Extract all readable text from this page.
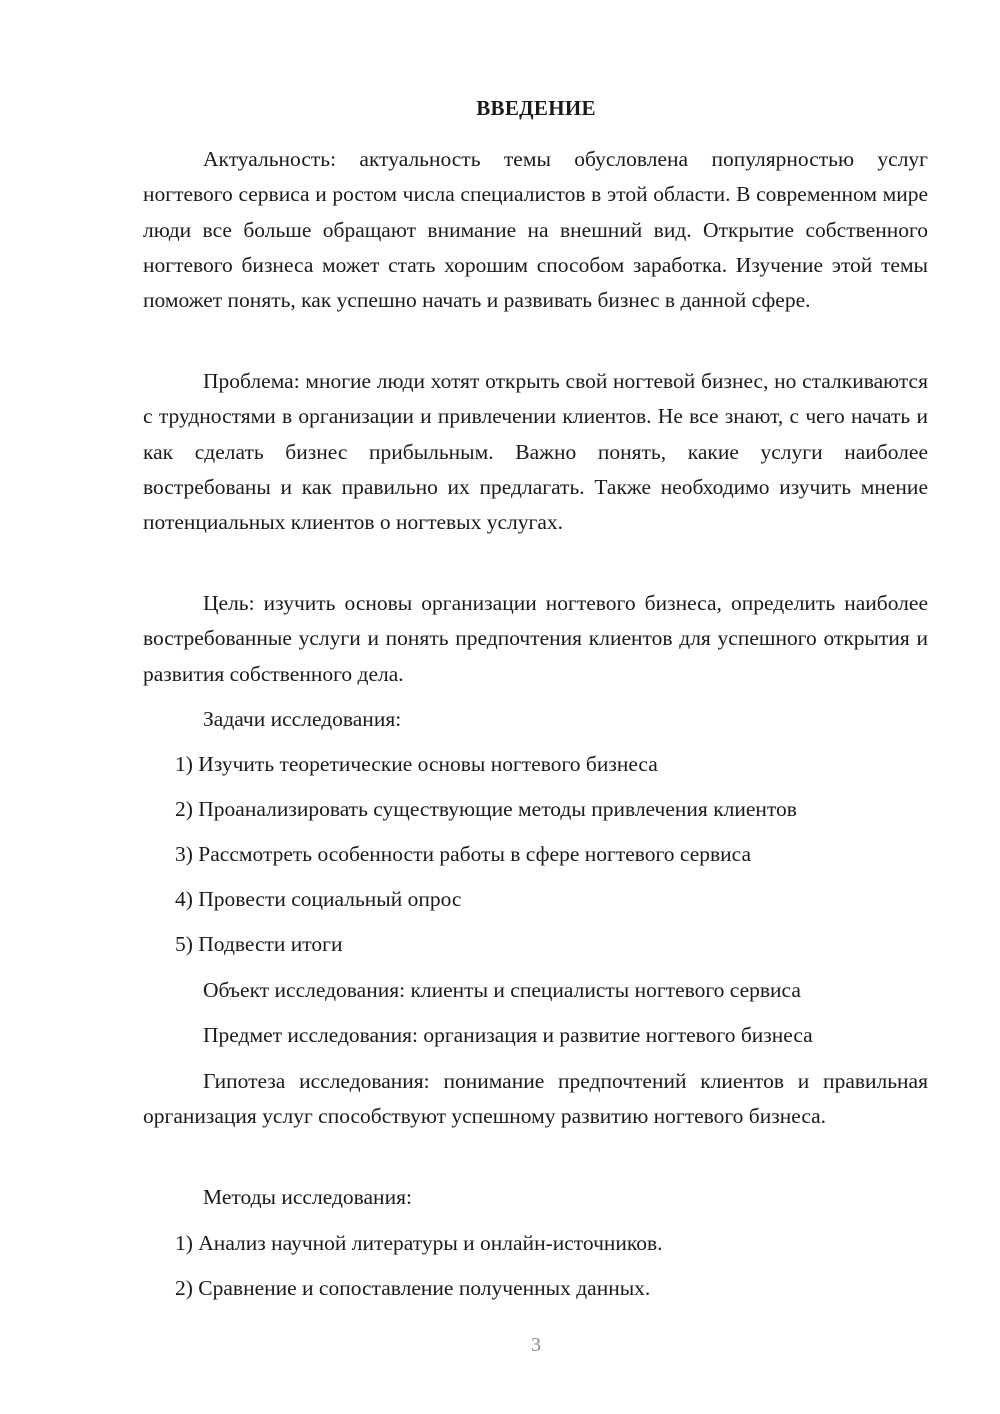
ВВЕДЕНИЕ

Актуальность: актуальность темы обусловлена популярностью услуг ногтевого сервиса и ростом числа специалистов в этой области. В современном мире люди все больше обращают внимание на внешний вид. Открытие собственного ногтевого бизнеса может стать хорошим способом заработка. Изучение этой темы поможет понять, как успешно начать и развивать бизнес в данной сфере.

Проблема: многие люди хотят открыть свой ногтевой бизнес, но сталкиваются с трудностями в организации и привлечении клиентов. Не все знают, с чего начать и как сделать бизнес прибыльным. Важно понять, какие услуги наиболее востребованы и как правильно их предлагать. Также необходимо изучить мнение потенциальных клиентов о ногтевых услугах.

Цель: изучить основы организации ногтевого бизнеса, определить наиболее востребованные услуги и понять предпочтения клиентов для успешного открытия и развития собственного дела.

Задачи исследования:

1) Изучить теоретические основы ногтевого бизнеса

2) Проанализировать существующие методы привлечения клиентов

3) Рассмотреть особенности работы в сфере ногтевого сервиса

4) Провести социальный опрос

5) Подвести итоги

Объект исследования: клиенты и специалисты ногтевого сервиса

Предмет исследования: организация и развитие ногтевого бизнеса

Гипотеза исследования: понимание предпочтений клиентов и правильная организация услуг способствуют успешному развитию ногтевого бизнеса.

Методы исследования:

1) Анализ научной литературы и онлайн-источников.

2) Сравнение и сопоставление полученных данных.

3
